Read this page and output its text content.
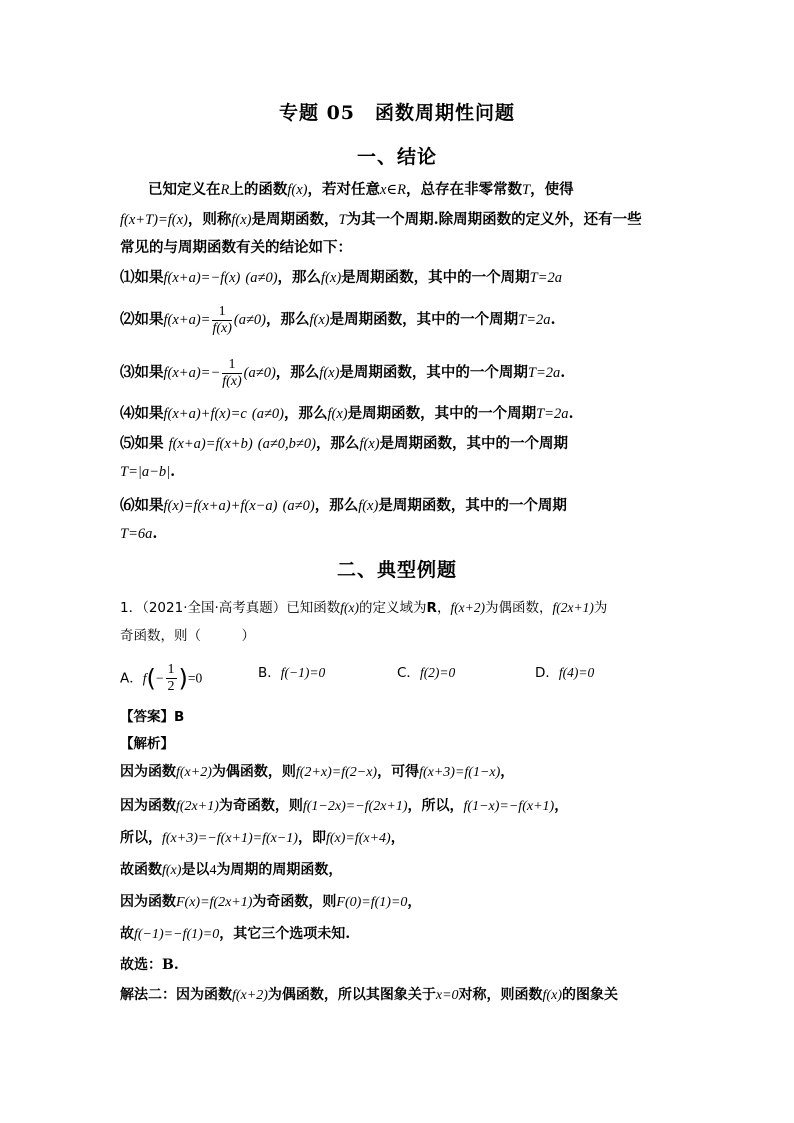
专题 05　函数周期性问题
一、结论
已知定义在R上的函数f(x)，若对任意x∈R，总存在非零常数T，使得
f(x+T)=f(x)，则称f(x)是周期函数，T为其一个周期.除周期函数的定义外，还有一些
常见的与周期函数有关的结论如下：
⑴如果f(x+a)=−f(x) (a≠0)，那么f(x)是周期函数，其中的一个周期T=2a
⑵如果$f(x+a)= \frac{1}{f(x)} (a\ne 0)$，那么f(x)是周期函数，其中的一个周期T=2a.
⑶如果$f(x+a)=- \frac{1}{f(x)} (a\ne 0)$，那么f(x)是周期函数，其中的一个周期T=2a.
⑷如果f(x+a)+f(x)=c (a≠0)，那么f(x)是周期函数，其中的一个周期T=2a.
⑸如果 f(x+a)=f(x+b) (a≠0,b≠0)，那么f(x)是周期函数，其中的一个周期
T=|a−b|.
⑹如果f(x)=f(x+a)+f(x−a) (a≠0)，那么f(x)是周期函数，其中的一个周期
T=6a.
二、典型例题
1．（2021·全国·高考真题）已知函数f(x)的定义域为R，f(x+2)为偶函数，f(2x+1)为
奇函数，则（　　　）
A．$f(- \frac{1}{2} )=0$	B．f(−1)=0	C．f(2)=0	D．f(4)=0
【答案】B
【解析】
因为函数f(x+2)为偶函数，则f(2+x)=f(2−x)，可得f(x+3)=f(1−x)，
因为函数f(2x+1)为奇函数，则f(1−2x)=−f(2x+1)，所以，f(1−x)=−f(x+1)，
所以，f(x+3)=−f(x+1)=f(x−1)，即f(x)=f(x+4)，
故函数f(x)是以4为周期的周期函数，
因为函数F(x)=f(2x+1)为奇函数，则F(0)=f(1)=0，
故f(−1)=−f(1)=0，其它三个选项未知.
故选：B.
解法二：因为函数f(x+2)为偶函数，所以其图象关于x=0对称，则函数f(x)的图象关
